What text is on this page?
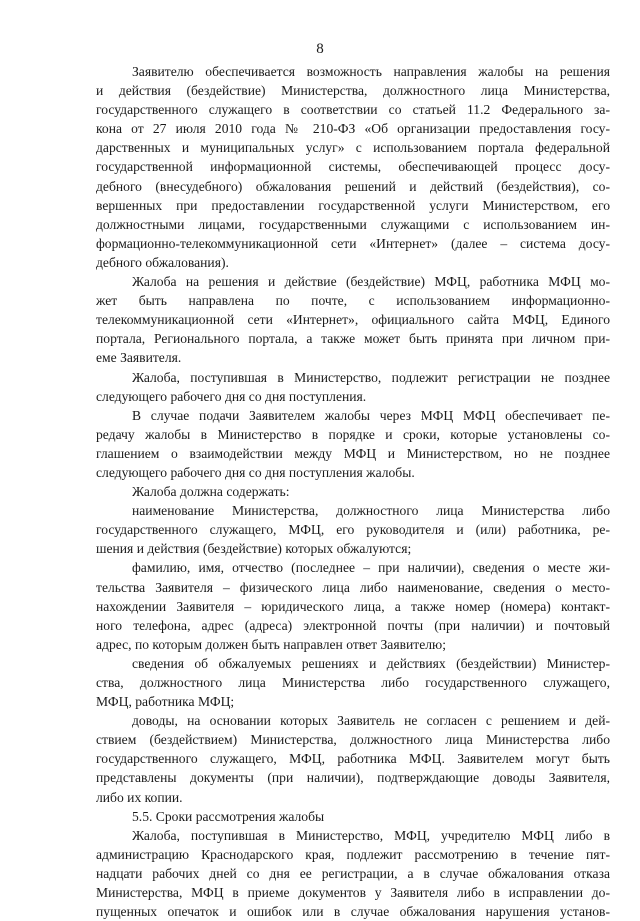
8
Заявителю обеспечивается возможность направления жалобы на решения
и действия (бездействие) Министерства, должностного лица Министерства,
государственного служащего в соответствии со статьей 11.2 Федерального за-
кона от 27 июля 2010 года № 210-ФЗ «Об организации предоставления госу-
дарственных и муниципальных услуг» с использованием портала федеральной
государственной информационной системы, обеспечивающей процесс досу-
дебного (внесудебного) обжалования решений и действий (бездействия), со-
вершенных при предоставлении государственной услуги Министерством, его
должностными лицами, государственными служащими с использованием ин-
формационно-телекоммуникационной сети «Интернет» (далее – система досу-
дебного обжалования).
Жалоба на решения и действие (бездействие) МФЦ, работника МФЦ мо-
жет быть направлена по почте, с использованием информационно-
телекоммуникационной сети «Интернет», официального сайта МФЦ, Единого
портала, Регионального портала, а также может быть принята при личном при-
еме Заявителя.
Жалоба, поступившая в Министерство, подлежит регистрации не позднее
следующего рабочего дня со дня поступления.
В случае подачи Заявителем жалобы через МФЦ МФЦ обеспечивает пе-
редачу жалобы в Министерство в порядке и сроки, которые установлены со-
глашением о взаимодействии между МФЦ и Министерством, но не позднее
следующего рабочего дня со дня поступления жалобы.
Жалоба должна содержать:
наименование Министерства, должностного лица Министерства либо
государственного служащего, МФЦ, его руководителя и (или) работника, ре-
шения и действия (бездействие) которых обжалуются;
фамилию, имя, отчество (последнее – при наличии), сведения о месте жи-
тельства Заявителя – физического лица либо наименование, сведения о место-
нахождении Заявителя – юридического лица, а также номер (номера) контакт-
ного телефона, адрес (адреса) электронной почты (при наличии) и почтовый
адрес, по которым должен быть направлен ответ Заявителю;
сведения об обжалуемых решениях и действиях (бездействии) Министер-
ства, должностного лица Министерства либо государственного служащего,
МФЦ, работника МФЦ;
доводы, на основании которых Заявитель не согласен с решением и дей-
ствием (бездействием) Министерства, должностного лица Министерства либо
государственного служащего, МФЦ, работника МФЦ. Заявителем могут быть
представлены документы (при наличии), подтверждающие доводы Заявителя,
либо их копии.
5.5. Сроки рассмотрения жалобы
Жалоба, поступившая в Министерство, МФЦ, учредителю МФЦ либо в
администрацию Краснодарского края, подлежит рассмотрению в течение пят-
надцати рабочих дней со дня ее регистрации, а в случае обжалования отказа
Министерства, МФЦ в приеме документов у Заявителя либо в исправлении до-
пущенных опечаток и ошибок или в случае обжалования нарушения установ-
